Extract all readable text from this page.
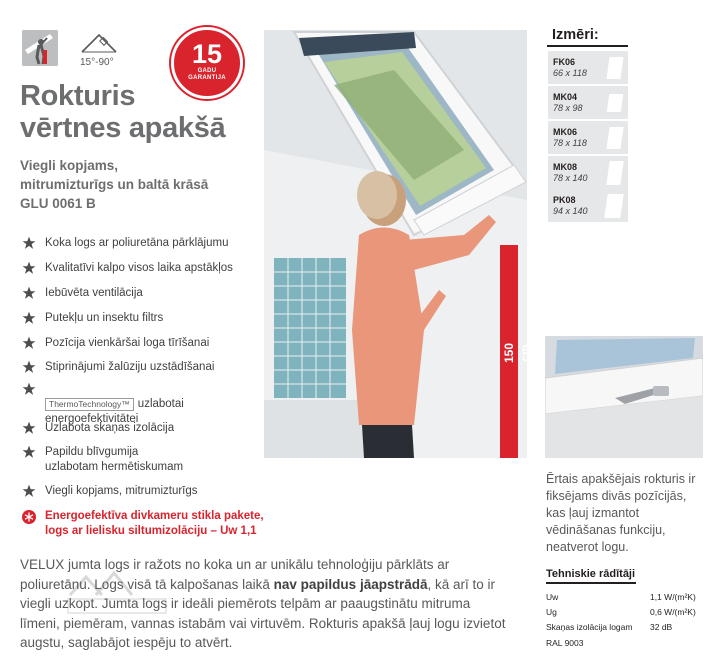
15°-90°	15
GADU
GARANTIJA
Rokturis
vērtnes apakšā
Viegli kopjams,
mitrumizturīgs un baltā krāsā
GLU 0061 B
Koka logs ar poliuretāna pārklājumu
Kvalitatīvi kalpo visos laika apstākļos
Iebūvēta ventilācija
Putekļu un insektu filtrs
Pozīcija vienkāršai loga tīrīšanai
Stiprinājumi žalūziju uzstādīšanai

ThermoTechnology™ uzlabotai
energoefektivitātei

Uzlabota skaņas izolācija
Papildu blīvgumija
uzlabotam hermētiskumam
Viegli kopjams, mitrumizturīgs
Energoefektīva divkameru stikla pakete,
logs ar lielisku siltumizolāciju – Uw 1,1

VELUX jumta logs ir ražots no koka un ar unikālu tehnoloģiju pārklāts ar poliuretānu. Logs visā tā kalpošanas laikā nav papildus jāapstrādā, kā arī to ir viegli uzkopt. Jumta logs ir ideāli piemērots telpām ar paaugstinātu mitruma līmeni, piemēram, vannas istabām vai virtuvēm. Rokturis apakšā ļauj logu izvietot augstu, saglabājot iespēju to atvērt.

150 cm
Izmēri:
FK06
66 x 118
MK04
78 x 98
MK06
78 x 118
MK08
78 x 140
PK08
94 x 140

Ērtais apakšējais rokturis ir fiksējams divās pozīcijās, kas ļauj izmantot vēdināšanas funkciju, neatverot logu.

Tehniskie rādītāji
Uw	1,1 W/(m²K)
Ug	0,6 W/(m²K)
Skaņas izolācija logam 32 dB
RAL 9003
